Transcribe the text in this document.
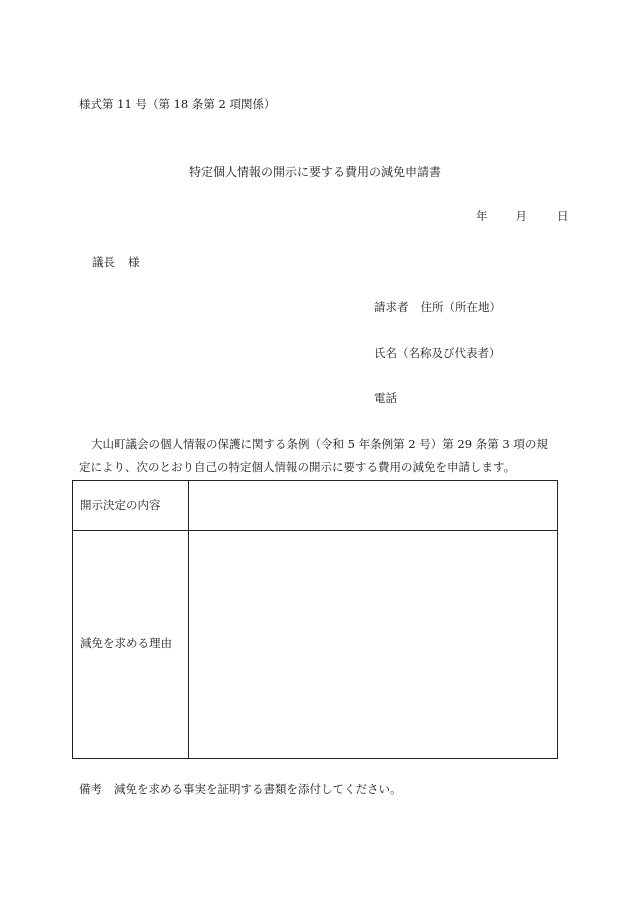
様式第 11 号（第 18 条第 2 項関係）
特定個人情報の開示に要する費用の減免申請書
年 月	日
議長 様
請求者 住所（所在地）
氏名（名称及び代表者）
電話
大山町議会の個人情報の保護に関する条例（令和 5 年条例第 2 号）第 29 条第 3 項の規定により、次のとおり自己の特定個人情報の開示に要する費用の減免を申請します。
開示決定の内容
減免を求める理由
備考 減免を求める事実を証明する書類を添付してください。
